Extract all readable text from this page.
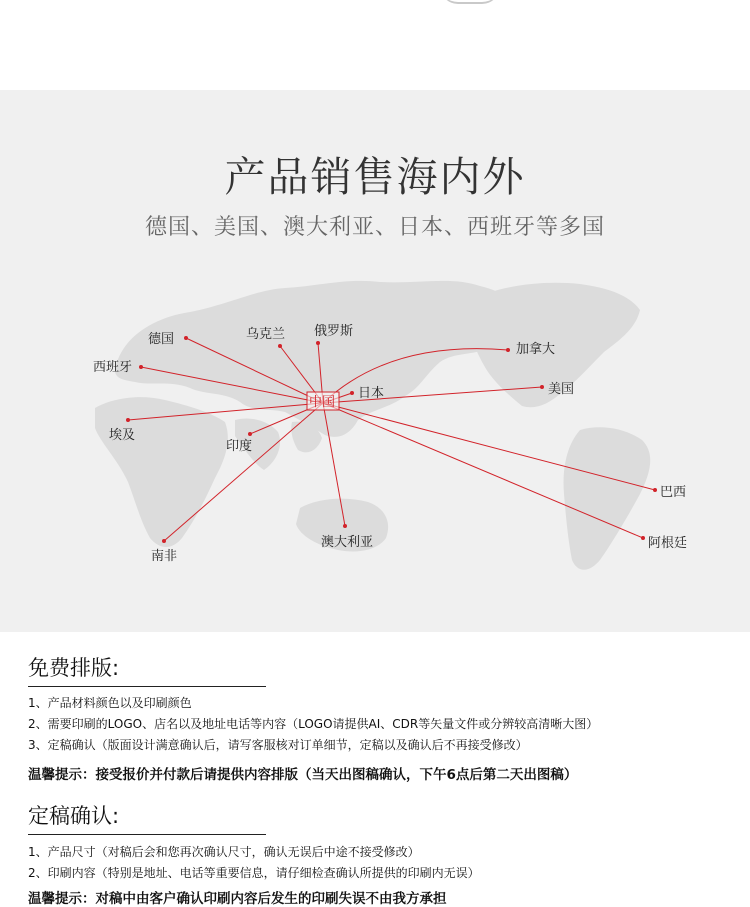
中国
德国	乌克兰 俄罗斯
西班牙
埃及
印度
南非
澳大利亚
日本
加拿大
美国
巴西
阿根廷
产品销售海内外
德国、美国、澳大利亚、日本、西班牙等多国
免费排版:
1、产品材料颜色以及印刷颜色
2、需要印刷的LOGO、店名以及地址电话等内容（LOGO请提供AI、CDR等矢量文件或分辨较高清晰大图）
3、定稿确认（版面设计满意确认后，请写客服核对订单细节，定稿以及确认后不再接受修改）
温馨提示：接受报价并付款后请提供内容排版（当天出图稿确认，下午6点后第二天出图稿）
定稿确认:
1、产品尺寸（对稿后会和您再次确认尺寸，确认无误后中途不接受修改）
2、印刷内容（特别是地址、电话等重要信息，请仔细检查确认所提供的印刷内无误）
温馨提示：对稿中由客户确认印刷内容后发生的印刷失误不由我方承担
